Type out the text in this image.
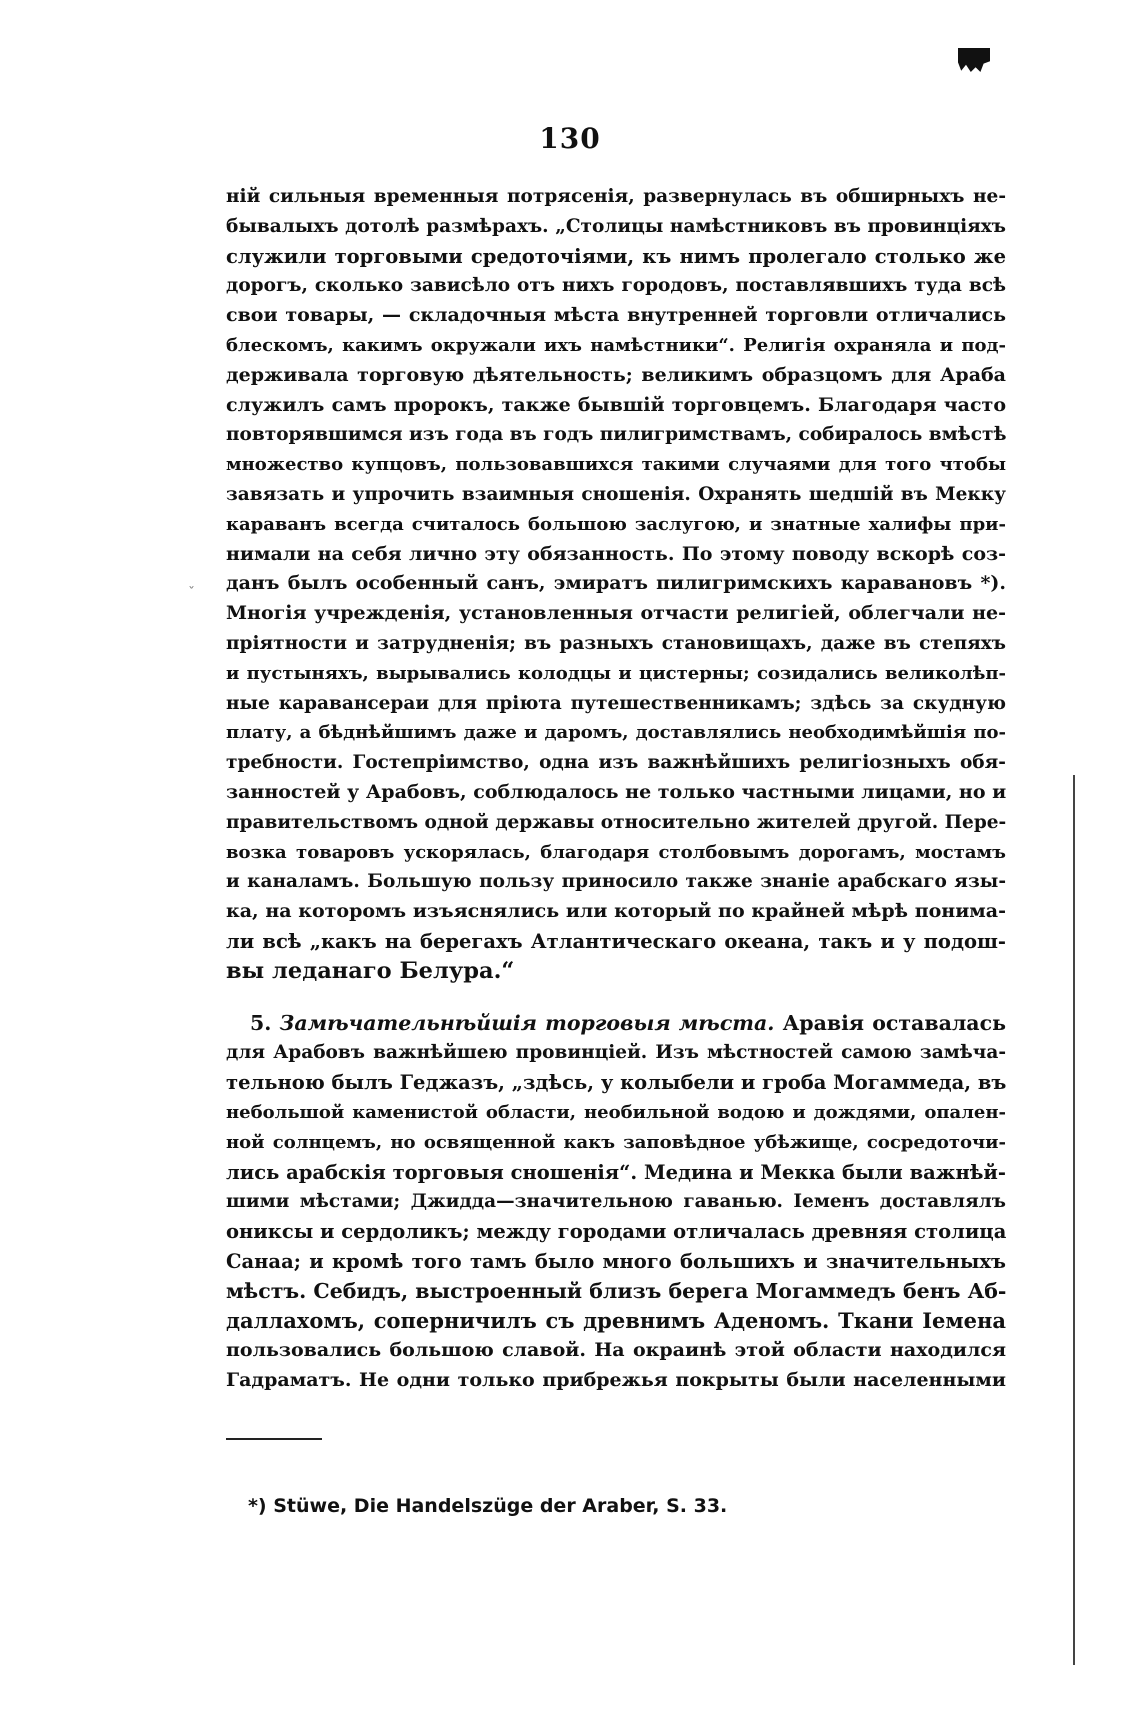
ˇ
130
ній сильныя временныя потрясенія, развернулась въ обширныхъ не-
бывалыхъ дотолѣ размѣрахъ. „Столицы намѣстниковъ въ провинціяхъ
служили торговыми средоточіями, къ нимъ пролегало столько же
дорогъ, сколько зависѣло отъ нихъ городовъ, поставлявшихъ туда всѣ
свои товары, — складочныя мѣста внутренней торговли отличались
блескомъ, какимъ окружали ихъ намѣстники“. Религія охраняла и под-
держивала торговую дѣятельность; великимъ образцомъ для Араба
служилъ самъ пророкъ, также бывшій торговцемъ. Благодаря часто
повторявшимся изъ года въ годъ пилигримствамъ, собиралось вмѣстѣ
множество купцовъ, пользовавшихся такими случаями для того чтобы
завязать и упрочить взаимныя сношенія. Охранять шедшій въ Мекку
караванъ всегда считалось большою заслугою, и знатные халифы при-
нимали на себя лично эту обязанность. По этому поводу вскорѣ соз-
данъ былъ особенный санъ, эмиратъ пилигримскихъ каравановъ *).
Многія учрежденія, установленныя отчасти религіей, облегчали не-
пріятности и затрудненія; въ разныхъ становищахъ, даже въ степяхъ
и пустыняхъ, вырывались колодцы и цистерны; созидались великолѣп-
ные каравансераи для пріюта путешественникамъ; здѣсь за скудную
плату, а бѣднѣйшимъ даже и даромъ, доставлялись необходимѣйшія по-
требности. Гостепріимство, одна изъ важнѣйшихъ религіозныхъ обя-
занностей у Арабовъ, соблюдалось не только частными лицами, но и
правительствомъ одной державы относительно жителей другой. Пере-
возка товаровъ ускорялась, благодаря столбовымъ дорогамъ, мостамъ
и каналамъ. Большую пользу приносило также знаніе арабскаго язы-
ка, на которомъ изъяснялись или который по крайней мѣрѣ понима-
ли всѣ „какъ на берегахъ Атлантическаго океана, такъ и у подош-
вы леданаго Белура.“
5. Замѣчательнѣйшія торговыя мѣста. Аравія оставалась
для Арабовъ важнѣйшею провинціей. Изъ мѣстностей самою замѣча-
тельною былъ Геджазъ, „здѣсь, у колыбели и гроба Могаммеда, въ
небольшой каменистой области, необильной водою и дождями, опален-
ной солнцемъ, но освященной какъ заповѣдное убѣжище, сосредоточи-
лись арабскія торговыя сношенія“. Медина и Мекка были важнѣй-
шими мѣстами; Джидда—значительною гаванью. Іеменъ доставлялъ
ониксы и сердоликъ; между городами отличалась древняя столица
Санаа; и кромѣ того тамъ было много большихъ и значительныхъ
мѣстъ. Себидъ, выстроенный близъ берега Могаммедъ бенъ Аб-
даллахомъ, соперничилъ съ древнимъ Аденомъ. Ткани Іемена
пользовались большою славой. На окраинѣ этой области находился
Гадраматъ. Не одни только прибрежья покрыты были населенными
*) Stüwe, Die Handelszüge der Araber, S. 33.
